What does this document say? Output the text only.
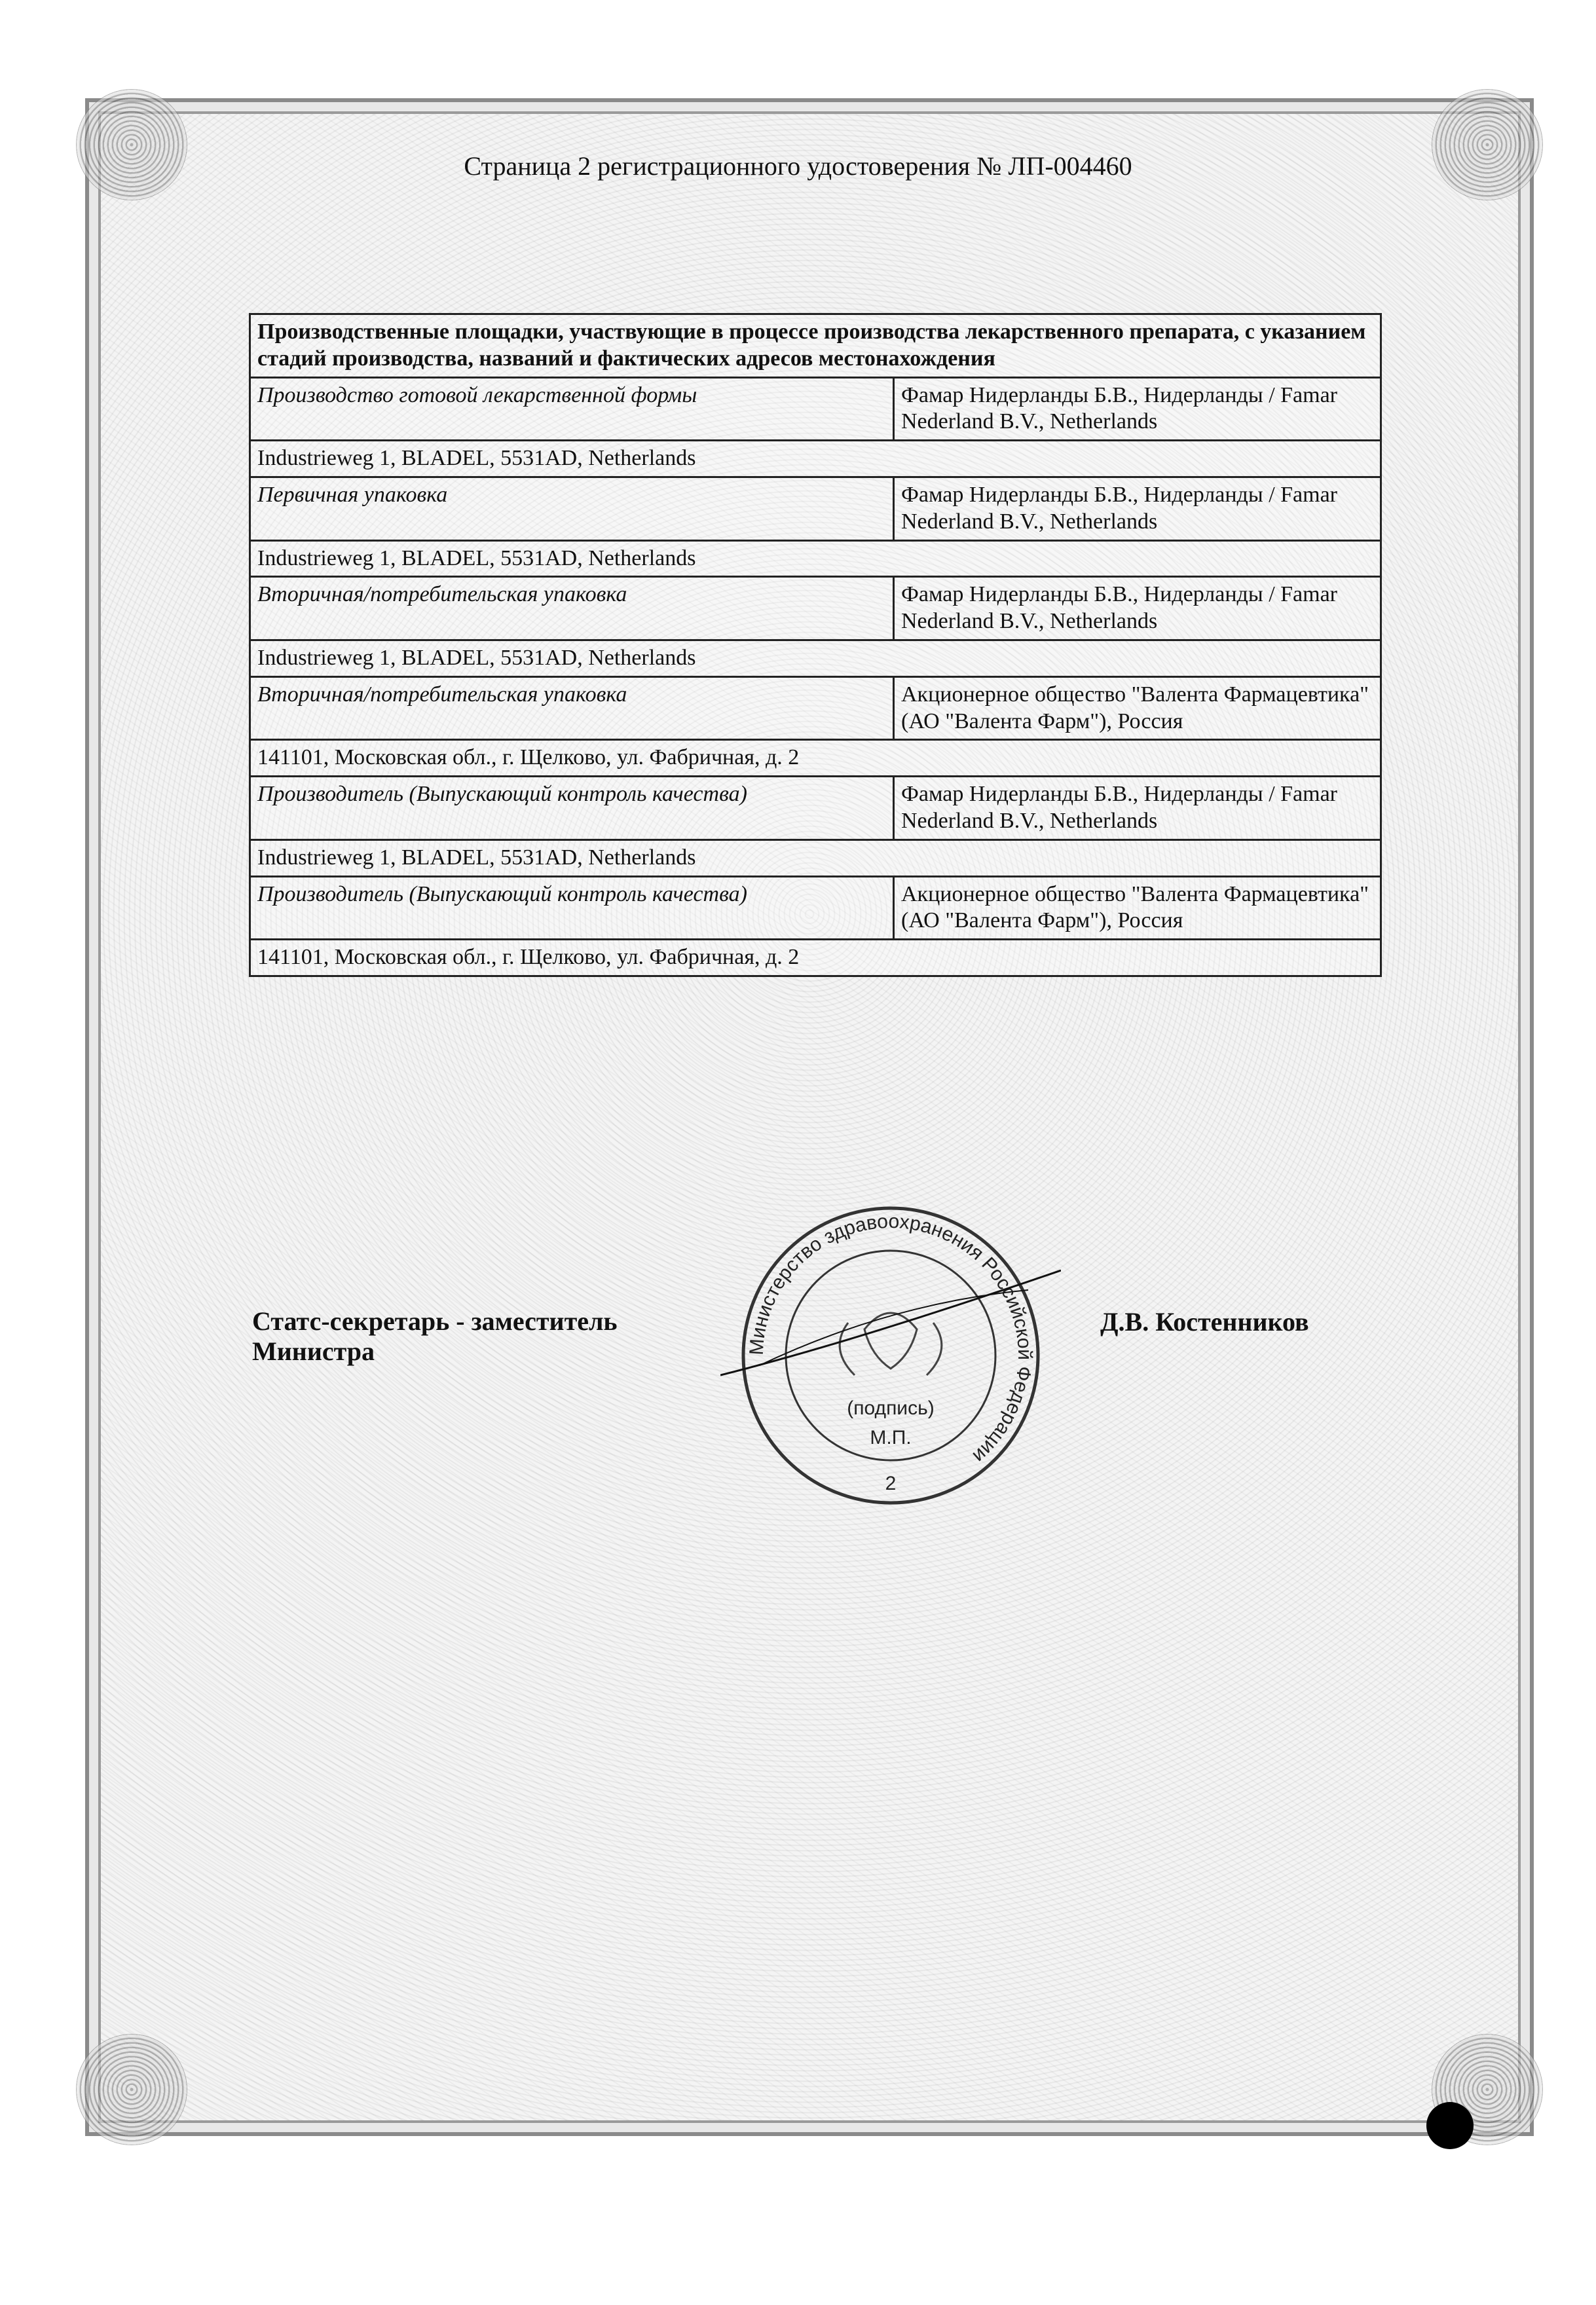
Страница 2 регистрационного удостоверения № ЛП-004460
Производственные площадки, участвующие в процессе производства лекарственного препарата, с указанием стадий производства, названий и фактических адресов местонахождения	
Производство готовой лекарственной формы	Фамар Нидерланды Б.В., Нидерланды / Famar Nederland B.V., Netherlands
Industrieweg 1, BLADEL, 5531AD, Netherlands	
Первичная упаковка	Фамар Нидерланды Б.В., Нидерланды / Famar Nederland B.V., Netherlands
Industrieweg 1, BLADEL, 5531AD, Netherlands	
Вторичная/потребительская упаковка	Фамар Нидерланды Б.В., Нидерланды / Famar Nederland B.V., Netherlands
Industrieweg 1, BLADEL, 5531AD, Netherlands	
Вторичная/потребительская упаковка	Акционерное общество "Валента Фармацевтика" (АО "Валента Фарм"), Россия
141101, Московская обл., г. Щелково, ул. Фабричная, д. 2	
Производитель (Выпускающий контроль качества)	Фамар Нидерланды Б.В., Нидерланды / Famar Nederland B.V., Netherlands
Industrieweg 1, BLADEL, 5531AD, Netherlands	
Производитель (Выпускающий контроль качества)	Акционерное общество "Валента Фармацевтика" (АО "Валента Фарм"), Россия
141101, Московская обл., г. Щелково, ул. Фабричная, д. 2	
Министерство здравоохранения Российской Федерации
(подпись)
М.П.
2
Статс-секретарь - заместитель
Министра
Д.В. Костенников
